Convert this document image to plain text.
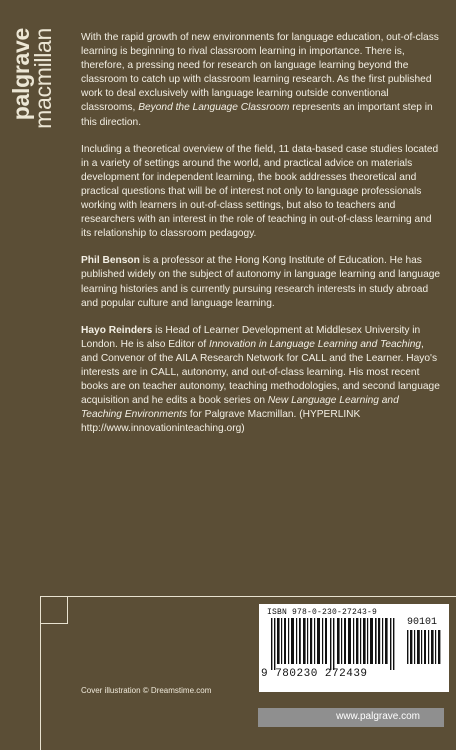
palgrave
macmillan With the rapid growth of new environments for language education, out-of-class learning is beginning to rival classroom learning in importance. There is, therefore, a pressing need for research on language learning beyond the classroom to catch up with classroom learning research. As the first published work to deal exclusively with language learning outside conventional classrooms, Beyond the Language Classroom represents an important step in this direction.

Including a theoretical overview of the field, 11 data-based case studies located in a variety of settings around the world, and practical advice on materials development for independent learning, the book addresses theoretical and practical questions that will be of interest not only to language professionals working with learners in out-of-class settings, but also to teachers and researchers with an interest in the role of teaching in out-of-class learning and its relationship to classroom pedagogy.

Phil Benson is a professor at the Hong Kong Institute of Education. He has published widely on the subject of autonomy in language learning and language learning histories and is currently pursuing research interests in study abroad and popular culture and language learning.

Hayo Reinders is Head of Learner Development at Middlesex University in London. He is also Editor of Innovation in Language Learning and Teaching, and Convenor of the AILA Research Network for CALL and the Learner. Hayo's interests are in CALL, autonomy, and out-of-class learning. His most recent books are on teacher autonomy, teaching methodologies, and second language acquisition and he edits a book series on New Language Learning and Teaching Environments for Palgrave Macmillan. (HYPERLINK http://www.innovationinteaching.org)

ISBN 978-0-230-27243-9
90101
9 780230 272439
Cover illustration © Dreamstime.com
www.palgrave.com
